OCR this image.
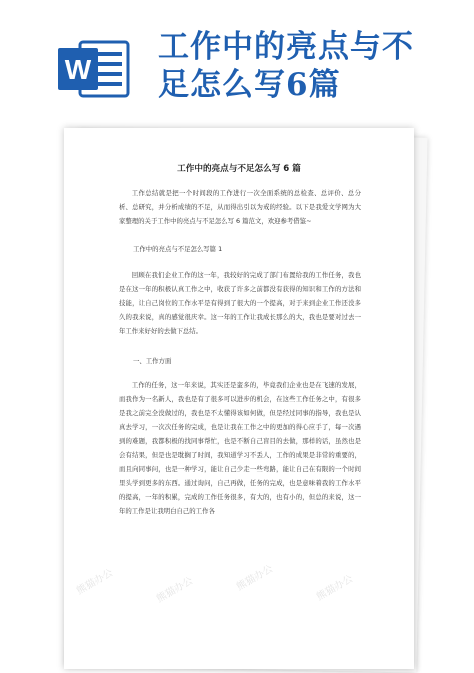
W
工作中的亮点与不
足怎么写6篇
工作中的亮点与不足怎么写 6 篇
工作总结就是把一个时间段的工作进行一次全面系统的总检查、总评价、总分析、总研究，并分析成绩的不足，从而得出引以为戒的经验。以下是我爱文学网为大家整理的关于工作中的亮点与不足怎么写 6 篇范文，欢迎参考借鉴~
工作中的亮点与不足怎么写篇 1
回顾在我们企业工作的这一年，我较好的完成了部门布置给我的工作任务，我也是在这一年的积极认真工作之中，收获了许多之前都没有获得的知识和工作的方法和技能，让自己岗位的工作水平是有得到了很大的一个提高，对于来到企业工作还没多久的我来说，真的感觉很庆幸。这一年的工作让我成长那么的大，我也是要对过去一年工作来好好的去做下总结。
一、工作方面
工作的任务，这一年来说，其实还是蛮多的，毕竟我们企业也是在飞速的发展，而我作为一名新人，我也是有了很多可以进步的机会，在这些工作任务之中，有很多是我之前完全没做过的，我也是不太懂得该如何做，但是经过同事的指导，我也是认真去学习，一次次任务的完成，也是让我在工作之中的更加的得心应手了，每一次遇到的难题，我都积极的找同事帮忙，也是不断自己盲目的去做，那样的话，虽然也是会有结果，但是也是耽搁了时间，我知道学习不丢人，工作的成果是非常的重要的，而且向同事问，也是一种学习，能让自己少走一些弯路，能让自己在有限的一个时间里头学到更多的东西。通过询问，自己再做，任务的完成，也是意味着我的工作水平的提高，一年的积累，完成的工作任务很多，有大的，也有小的，但总的来说，这一年的工作是让我明白自己的工作各
熊猫办公	熊猫办公	熊猫办公	熊猫办公
